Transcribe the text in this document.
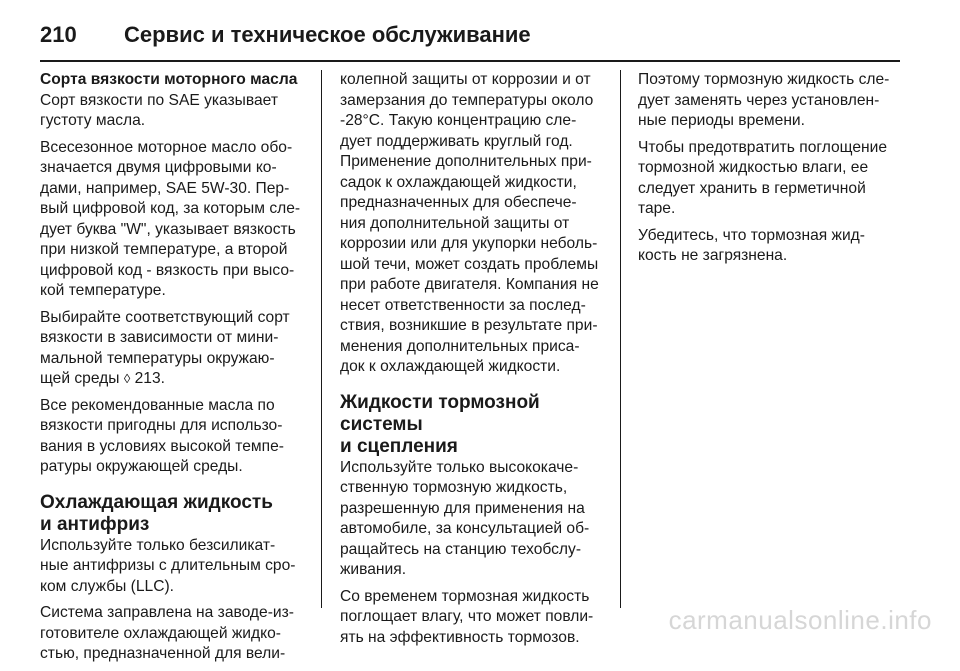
210	Сервис и техническое обслуживание
Сорта вязкости моторного масла

Сорт вязкости по SAE указывает
густоту масла.

Всесезонное моторное масло обо-
значается двумя цифровыми ко-
дами, например, SAE 5W-30. Пер-
вый цифровой код, за которым сле-
дует буква "W", указывает вязкость
при низкой температуре, а второй
цифровой код - вязкость при высо-
кой температуре.

Выбирайте соответствующий сорт
вязкости в зависимости от мини-
мальной температуры окружаю-
щей среды ◊ 213.

Все рекомендованные масла по
вязкости пригодны для использо-
вания в условиях высокой темпе-
ратуры окружающей среды.

Охлаждающая жидкость
и антифриз

Используйте только безсиликат-
ные антифризы с длительным сро-
ком службы (LLC).

Система заправлена на заводе-из-
готовителе охлаждающей жидко-
стью, предназначенной для вели-

колепной защиты от коррозии и от
замерзания до температуры около
-28°C. Такую концентрацию сле-
дует поддерживать круглый год.
Применение дополнительных при-
садок к охлаждающей жидкости,
предназначенных для обеспече-
ния дополнительной защиты от
коррозии или для укупорки неболь-
шой течи, может создать проблемы
при работе двигателя. Компания не
несет ответственности за послед-
ствия, возникшие в результате при-
менения дополнительных приса-
док к охлаждающей жидкости.

Жидкости тормозной системы
и сцепления

Используйте только высококаче-
ственную тормозную жидкость,
разрешенную для применения на
автомобиле, за консультацией об-
ращайтесь на станцию техобслу-
живания.

Со временем тормозная жидкость
поглощает влагу, что может повли-
ять на эффективность тормозов.

Поэтому тормозную жидкость сле-
дует заменять через установлен-
ные периоды времени.

Чтобы предотвратить поглощение
тормозной жидкостью влаги, ее
следует хранить в герметичной
таре.

Убедитесь, что тормозная жид-
кость не загрязнена.

carmanualsonline.info
